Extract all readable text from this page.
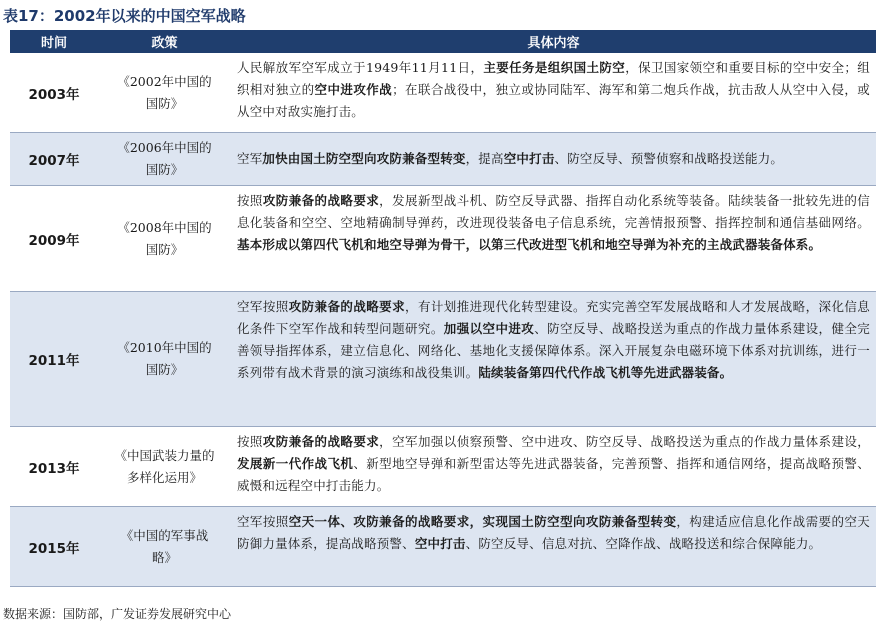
表17：2002年以来的中国空军战略
时间	政策	具体内容
2003年
《2002年中国的国防》
人民解放军空军成立于1949年11月11日，主要任务是组织国土防空，保卫国家领空和重要目标的空中安全；组织相对独立的空中进攻作战；在联合战役中，独立或协同陆军、海军和第二炮兵作战，抗击敌人从空中入侵，或从空中对敌实施打击。
2007年
《2006年中国的国防》
空军加快由国土防空型向攻防兼备型转变，提高空中打击、防空反导、预警侦察和战略投送能力。
2009年
《2008年中国的国防》
按照攻防兼备的战略要求，发展新型战斗机、防空反导武器、指挥自动化系统等装备。陆续装备一批较先进的信息化装备和空空、空地精确制导弹药，改进现役装备电子信息系统，完善情报预警、指挥控制和通信基础网络。基本形成以第四代飞机和地空导弹为骨干，以第三代改进型飞机和地空导弹为补充的主战武器装备体系。
2011年
《2010年中国的国防》
空军按照攻防兼备的战略要求，有计划推进现代化转型建设。充实完善空军发展战略和人才发展战略，深化信息化条件下空军作战和转型问题研究。加强以空中进攻、防空反导、战略投送为重点的作战力量体系建设，健全完善领导指挥体系，建立信息化、网络化、基地化支援保障体系。深入开展复杂电磁环境下体系对抗训练，进行一系列带有战术背景的演习演练和战役集训。陆续装备第四代代作战飞机等先进武器装备。
2013年
《中国武装力量的多样化运用》
按照攻防兼备的战略要求，空军加强以侦察预警、空中进攻、防空反导、战略投送为重点的作战力量体系建设，发展新一代作战飞机、新型地空导弹和新型雷达等先进武器装备，完善预警、指挥和通信网络，提高战略预警、威慑和远程空中打击能力。
2015年
《中国的军事战略》
空军按照空天一体、攻防兼备的战略要求，实现国土防空型向攻防兼备型转变，构建适应信息化作战需要的空天防御力量体系，提高战略预警、空中打击、防空反导、信息对抗、空降作战、战略投送和综合保障能力。
数据来源：国防部，广发证券发展研究中心
